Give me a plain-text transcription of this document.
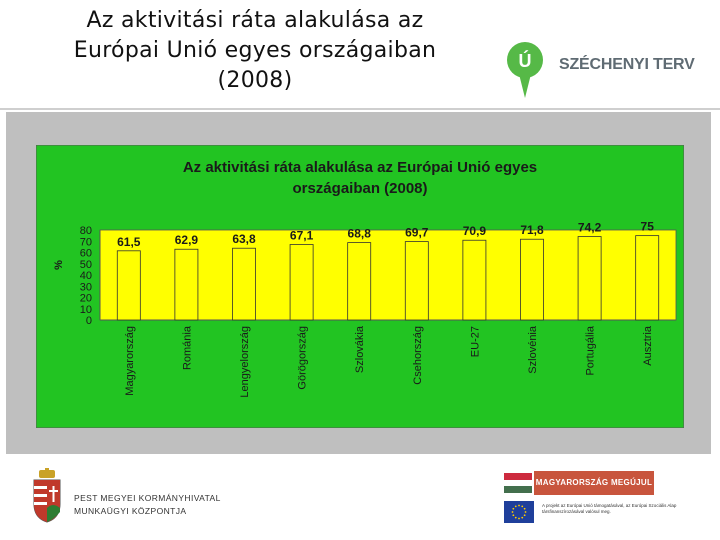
Az aktivitási ráta alakulása az
Európai Unió egyes országaiban
(2008)
Ú SZÉCHENYI TERV
Az aktivitási ráta alakulása az Európai Unió egyes
országaiban (2008)
%
0
10
20
30
40
50
60
70
80
61,5	62,9	63,8	67,1	68,8	69,7	70,9	71,8	74,2	75
Magyarország	Románia	Lengyelország	Görögország	Szlovákia	Csehország	EU-27	Szlovénia	Portugália	Ausztria
PEST MEGYEI KORMÁNYHIVATAL
MUNKAÜGYI KÖZPONTJA
MAGYARORSZÁG MEGÚJUL
A projekt az Európai Unió támogatásával, az Európai Szociális Alap társfinanszírozásával valósul meg.
